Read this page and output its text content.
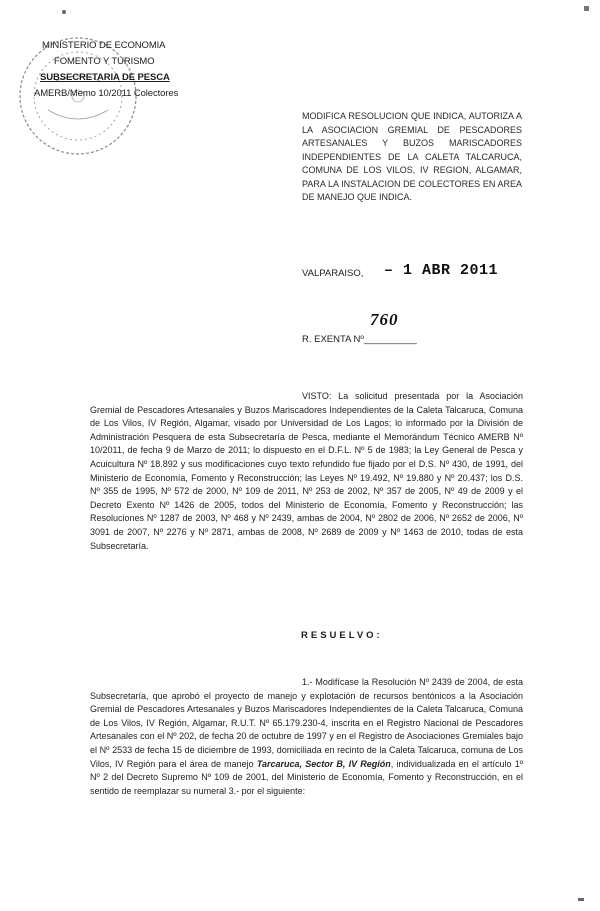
MINISTERIO DE ECONOMIA
FOMENTO Y TURISMO
SUBSECRETARIA DE PESCA
AMERB/Memo 10/2011 Colectores
MODIFICA RESOLUCION QUE INDICA, AUTORIZA A LA ASOCIACION GREMIAL DE PESCADORES ARTESANALES Y BUZOS MARISCADORES INDEPENDIENTES DE LA CALETA TALCARUCA, COMUNA DE LOS VILOS, IV REGION, ALGAMAR, PARA LA INSTALACION DE COLECTORES EN AREA DE MANEJO QUE INDICA.
VALPARAISO, – 1 ABR 2011
760
R. EXENTA Nº__________
VISTO: La solicitud presentada por la Asociación Gremial de Pescadores Artesanales y Buzos Mariscadores Independientes de la Caleta Talcaruca, Comuna de Los Vilos, IV Región, Algamar, visado por Universidad de Los Lagos; lo informado por la División de Administración Pesquera de esta Subsecretaría de Pesca, mediante el Memorándum Técnico AMERB Nº 10/2011, de fecha 9 de Marzo de 2011; lo dispuesto en el D.F.L. Nº 5 de 1983; la Ley General de Pesca y Acuicultura Nº 18.892 y sus modificaciones cuyo texto refundido fue fijado por el D.S. Nº 430, de 1991, del Ministerio de Economía, Fomento y Reconstrucción; las Leyes Nº 19.492, Nº 19.880 y Nº 20.437; los D.S. Nº 355 de 1995, Nº 572 de 2000, Nº 109 de 2011, Nº 253 de 2002, Nº 357 de 2005, Nº 49 de 2009 y el Decreto Exento Nº 1426 de 2005, todos del Ministerio de Economía, Fomento y Reconstrucción; las Resoluciones Nº 1287 de 2003, Nº 468 y Nº 2439, ambas de 2004, Nº 2802 de 2006, Nº 2652 de 2006, Nº 3091 de 2007, Nº 2276 y Nº 2871, ambas de 2008, Nº 2689 de 2009 y Nº 1463 de 2010, todas de esta Subsecretaría.
RESUELVO:
1.- Modifícase la Resolución Nº 2439 de 2004, de esta Subsecretaría, que aprobó el proyecto de manejo y explotación de recursos bentónicos a la Asociación Gremial de Pescadores Artesanales y Buzos Mariscadores Independientes de la Caleta Talcaruca, Comuna de Los Vilos, IV Región, Algamar, R.U.T. Nº 65.179.230-4, inscrita en el Registro Nacional de Pescadores Artesanales con el Nº 202, de fecha 20 de octubre de 1997 y en el Registro de Asociaciones Gremiales bajo el Nº 2533 de fecha 15 de diciembre de 1993, domiciliada en recinto de la Caleta Talcaruca, comuna de Los Vilos, IV Región para el área de manejo Tarcaruca, Sector B, IV Región, individualizada en el artículo 1º Nº 2 del Decreto Supremo Nº 109 de 2001, del Ministerio de Economía, Fomento y Reconstrucción, en el sentido de reemplazar su numeral 3.- por el siguiente:
